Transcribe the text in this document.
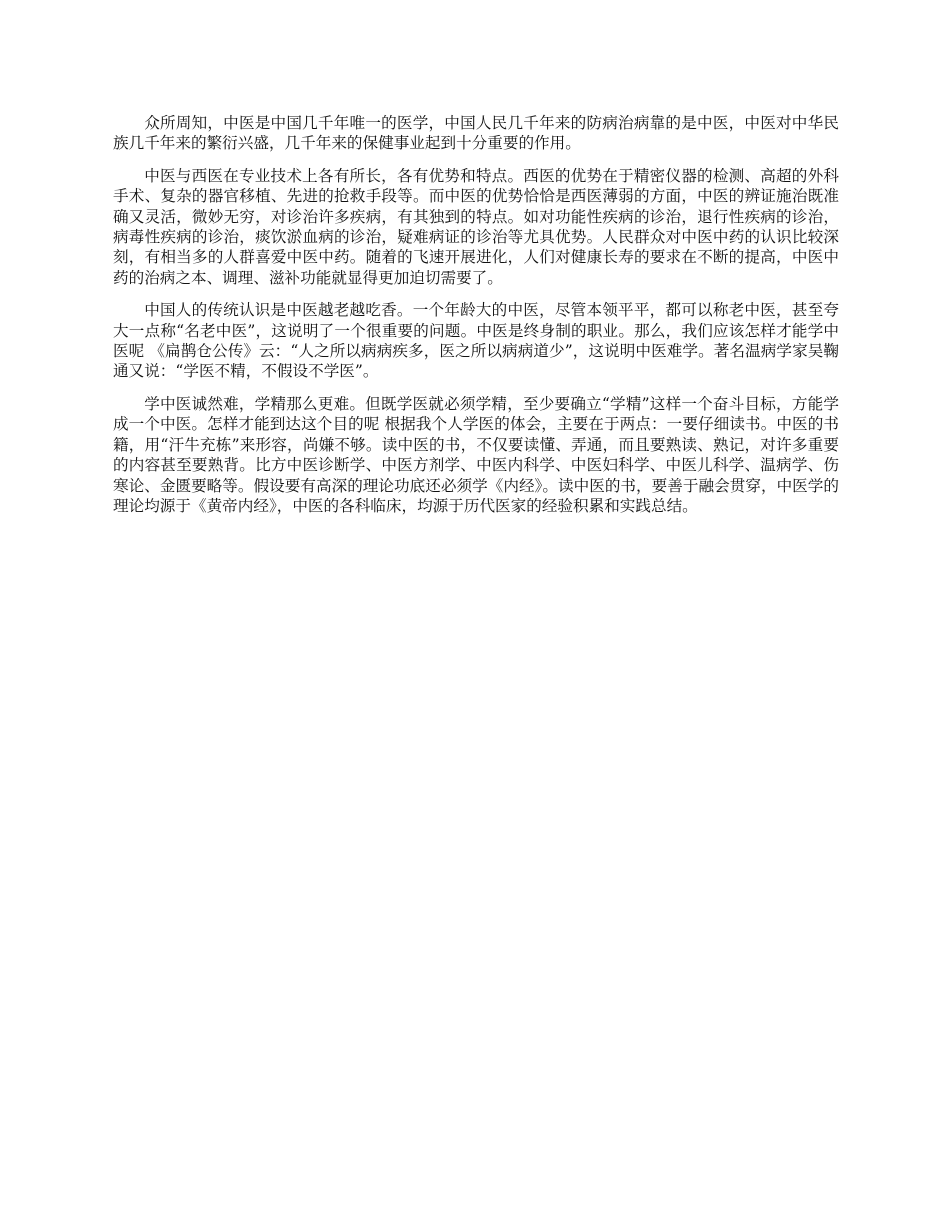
众所周知，中医是中国几千年唯一的医学，中国人民几千年来的防病治病靠的是中医，中医对中华民族几千年来的繁衍兴盛，几千年来的保健事业起到十分重要的作用。

中医与西医在专业技术上各有所长，各有优势和特点。西医的优势在于精密仪器的检测、高超的外科手术、复杂的器官移植、先进的抢救手段等。而中医的优势恰恰是西医薄弱的方面，中医的辨证施治既准确又灵活，微妙无穷，对诊治许多疾病，有其独到的特点。如对功能性疾病的诊治，退行性疾病的诊治，病毒性疾病的诊治，痰饮淤血病的诊治，疑难病证的诊治等尤具优势。人民群众对中医中药的认识比较深刻，有相当多的人群喜爱中医中药。随着的飞速开展进化，人们对健康长寿的要求在不断的提高，中医中药的治病之本、调理、滋补功能就显得更加迫切需要了。

中国人的传统认识是中医越老越吃香。一个年龄大的中医，尽管本领平平，都可以称老中医，甚至夸大一点称“名老中医”，这说明了一个很重要的问题。中医是终身制的职业。那么，我们应该怎样才能学中医呢 《扁鹊仓公传》云：“人之所以病病疾多，医之所以病病道少”，这说明中医难学。著名温病学家吴鞠通又说：“学医不精，不假设不学医”。

学中医诚然难，学精那么更难。但既学医就必须学精，至少要确立“学精”这样一个奋斗目标，方能学成一个中医。怎样才能到达这个目的呢 根据我个人学医的体会，主要在于两点：一要仔细读书。中医的书籍，用“汗牛充栋”来形容，尚嫌不够。读中医的书，不仅要读懂、弄通，而且要熟读、熟记，对许多重要的内容甚至要熟背。比方中医诊断学、中医方剂学、中医内科学、中医妇科学、中医儿科学、温病学、伤寒论、金匮要略等。假设要有高深的理论功底还必须学《内经》。读中医的书，要善于融会贯穿，中医学的理论均源于《黄帝内经》，中医的各科临床，均源于历代医家的经验积累和实践总结。
